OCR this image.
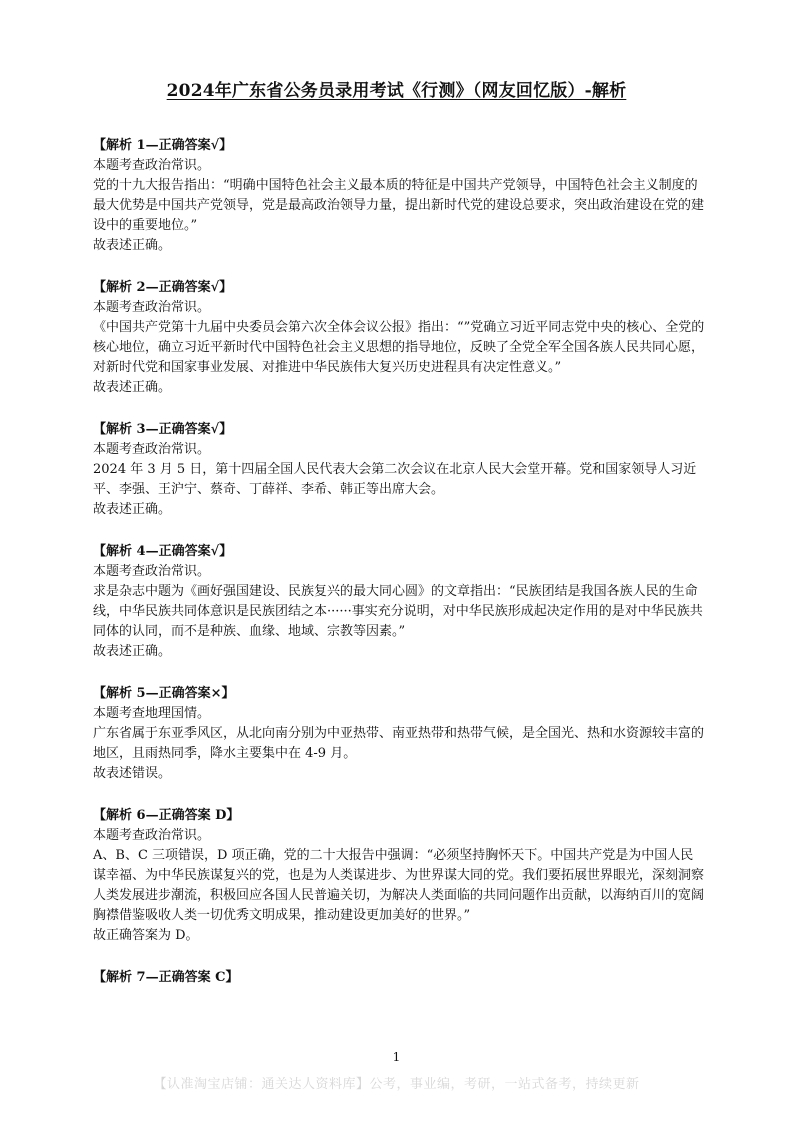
2024年广东省公务员录用考试《行测》（网友回忆版）-解析
【解析 1—正确答案√】

本题考查政治常识。

党的十九大报告指出：“明确中国特色社会主义最本质的特征是中国共产党领导，中国特色社会主义制度的最大优势是中国共产党领导，党是最高政治领导力量，提出新时代党的建设总要求，突出政治建设在党的建设中的重要地位。”

故表述正确。

【解析 2—正确答案√】

本题考查政治常识。

《中国共产党第十九届中央委员会第六次全体会议公报》指出：“”党确立习近平同志党中央的核心、全党的核心地位，确立习近平新时代中国特色社会主义思想的指导地位，反映了全党全军全国各族人民共同心愿，对新时代党和国家事业发展、对推进中华民族伟大复兴历史进程具有决定性意义。”

故表述正确。

【解析 3—正确答案√】

本题考查政治常识。

2024 年 3 月 5 日，第十四届全国人民代表大会第二次会议在北京人民大会堂开幕。党和国家领导人习近平、李强、王沪宁、蔡奇、丁薛祥、李希、韩正等出席大会。

故表述正确。

【解析 4—正确答案√】

本题考查政治常识。

求是杂志中题为《画好强国建设、民族复兴的最大同心圆》的文章指出：“民族团结是我国各族人民的生命线，中华民族共同体意识是民族团结之本······事实充分说明，对中华民族形成起决定作用的是对中华民族共同体的认同，而不是种族、血缘、地域、宗教等因素。”

故表述正确。

【解析 5—正确答案×】

本题考查地理国情。

广东省属于东亚季风区，从北向南分别为中亚热带、南亚热带和热带气候，是全国光、热和水资源较丰富的地区，且雨热同季，降水主要集中在 4-9 月。

故表述错误。

【解析 6—正确答案 D】

本题考查政治常识。

A、B、C 三项错误，D 项正确，党的二十大报告中强调：“必须坚持胸怀天下。中国共产党是为中国人民谋幸福、为中华民族谋复兴的党，也是为人类谋进步、为世界谋大同的党。我们要拓展世界眼光，深刻洞察人类发展进步潮流，积极回应各国人民普遍关切，为解决人类面临的共同问题作出贡献，以海纳百川的宽阔胸襟借鉴吸收人类一切优秀文明成果，推动建设更加美好的世界。”

故正确答案为 D。

【解析 7—正确答案 C】
1
【认准淘宝店铺：通关达人资料库】公考，事业编，考研，一站式备考，持续更新
